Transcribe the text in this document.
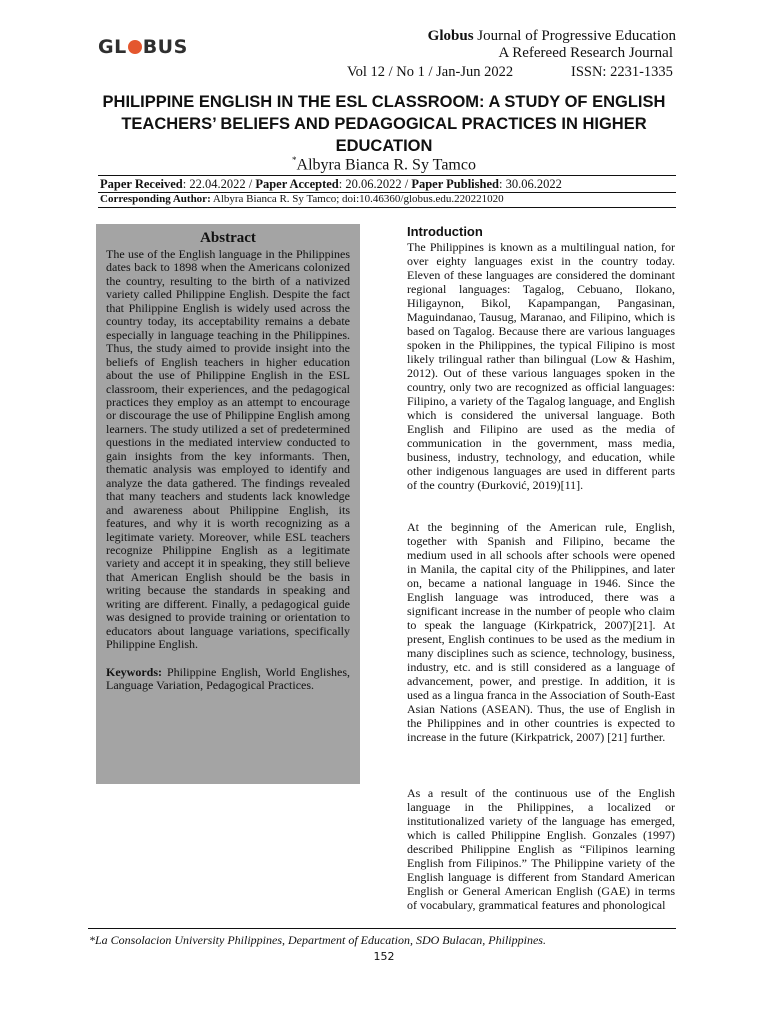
GL BUS	Globus Journal of Progressive Education
A Refereed Research Journal
Vol 12 / No 1 / Jan-Jun 2022	ISSN: 2231-1335
PHILIPPINE ENGLISH IN THE ESL CLASSROOM: A STUDY OF ENGLISH TEACHERS’ BELIEFS AND PEDAGOGICAL PRACTICES IN HIGHER EDUCATION
*Albyra Bianca R. Sy Tamco
Paper Received: 22.04.2022 / Paper Accepted: 20.06.2022 / Paper Published: 30.06.2022
Corresponding Author: Albyra Bianca R. Sy Tamco; doi:10.46360/globus.edu.220221020
Abstract

The use of the English language in the Philippines dates back to 1898 when the Americans colonized the country, resulting to the birth of a nativized variety called Philippine English. Despite the fact that Philippine English is widely used across the country today, its acceptability remains a debate especially in language teaching in the Philippines. Thus, the study aimed to provide insight into the beliefs of English teachers in higher education about the use of Philippine English in the ESL classroom, their experiences, and the pedagogical practices they employ as an attempt to encourage or discourage the use of Philippine English among learners. The study utilized a set of predetermined questions in the mediated interview conducted to gain insights from the key informants. Then, thematic analysis was employed to identify and analyze the data gathered. The findings revealed that many teachers and students lack knowledge and awareness about Philippine English, its features, and why it is worth recognizing as a legitimate variety. Moreover, while ESL teachers recognize Philippine English as a legitimate variety and accept it in speaking, they still believe that American English should be the basis in writing because the standards in speaking and writing are different. Finally, a pedagogical guide was designed to provide training or orientation to educators about language variations, specifically Philippine English.

Keywords: Philippine English, World Englishes, Language Variation, Pedagogical Practices.

Introduction

The Philippines is known as a multilingual nation, for over eighty languages exist in the country today. Eleven of these languages are considered the dominant regional languages: Tagalog, Cebuano, Ilokano, Hiligaynon, Bikol, Kapampangan, Pangasinan, Maguindanao, Tausug, Maranao, and Filipino, which is based on Tagalog. Because there are various languages spoken in the Philippines, the typical Filipino is most likely trilingual rather than bilingual (Low & Hashim, 2012). Out of these various languages spoken in the country, only two are recognized as official languages: Filipino, a variety of the Tagalog language, and English which is considered the universal language. Both English and Filipino are used as the media of communication in the government, mass media, business, industry, technology, and education, while other indigenous languages are used in different parts of the country (Đurković, 2019)[11].

At the beginning of the American rule, English, together with Spanish and Filipino, became the medium used in all schools after schools were opened in Manila, the capital city of the Philippines, and later on, became a national language in 1946. Since the English language was introduced, there was a significant increase in the number of people who claim to speak the language (Kirkpatrick, 2007)[21]. At present, English continues to be used as the medium in many disciplines such as science, technology, business, industry, etc. and is still considered as a language of advancement, power, and prestige. In addition, it is used as a lingua franca in the Association of South-East Asian Nations (ASEAN). Thus, the use of English in the Philippines and in other countries is expected to increase in the future (Kirkpatrick, 2007) [21] further.

As a result of the continuous use of the English language in the Philippines, a localized or institutionalized variety of the language has emerged, which is called Philippine English. Gonzales (1997) described Philippine English as “Filipinos learning English from Filipinos.” The Philippine variety of the English language is different from Standard American English or General American English (GAE) in terms of vocabulary, grammatical features and phonological

*La Consolacion University Philippines, Department of Education, SDO Bulacan, Philippines.
152
